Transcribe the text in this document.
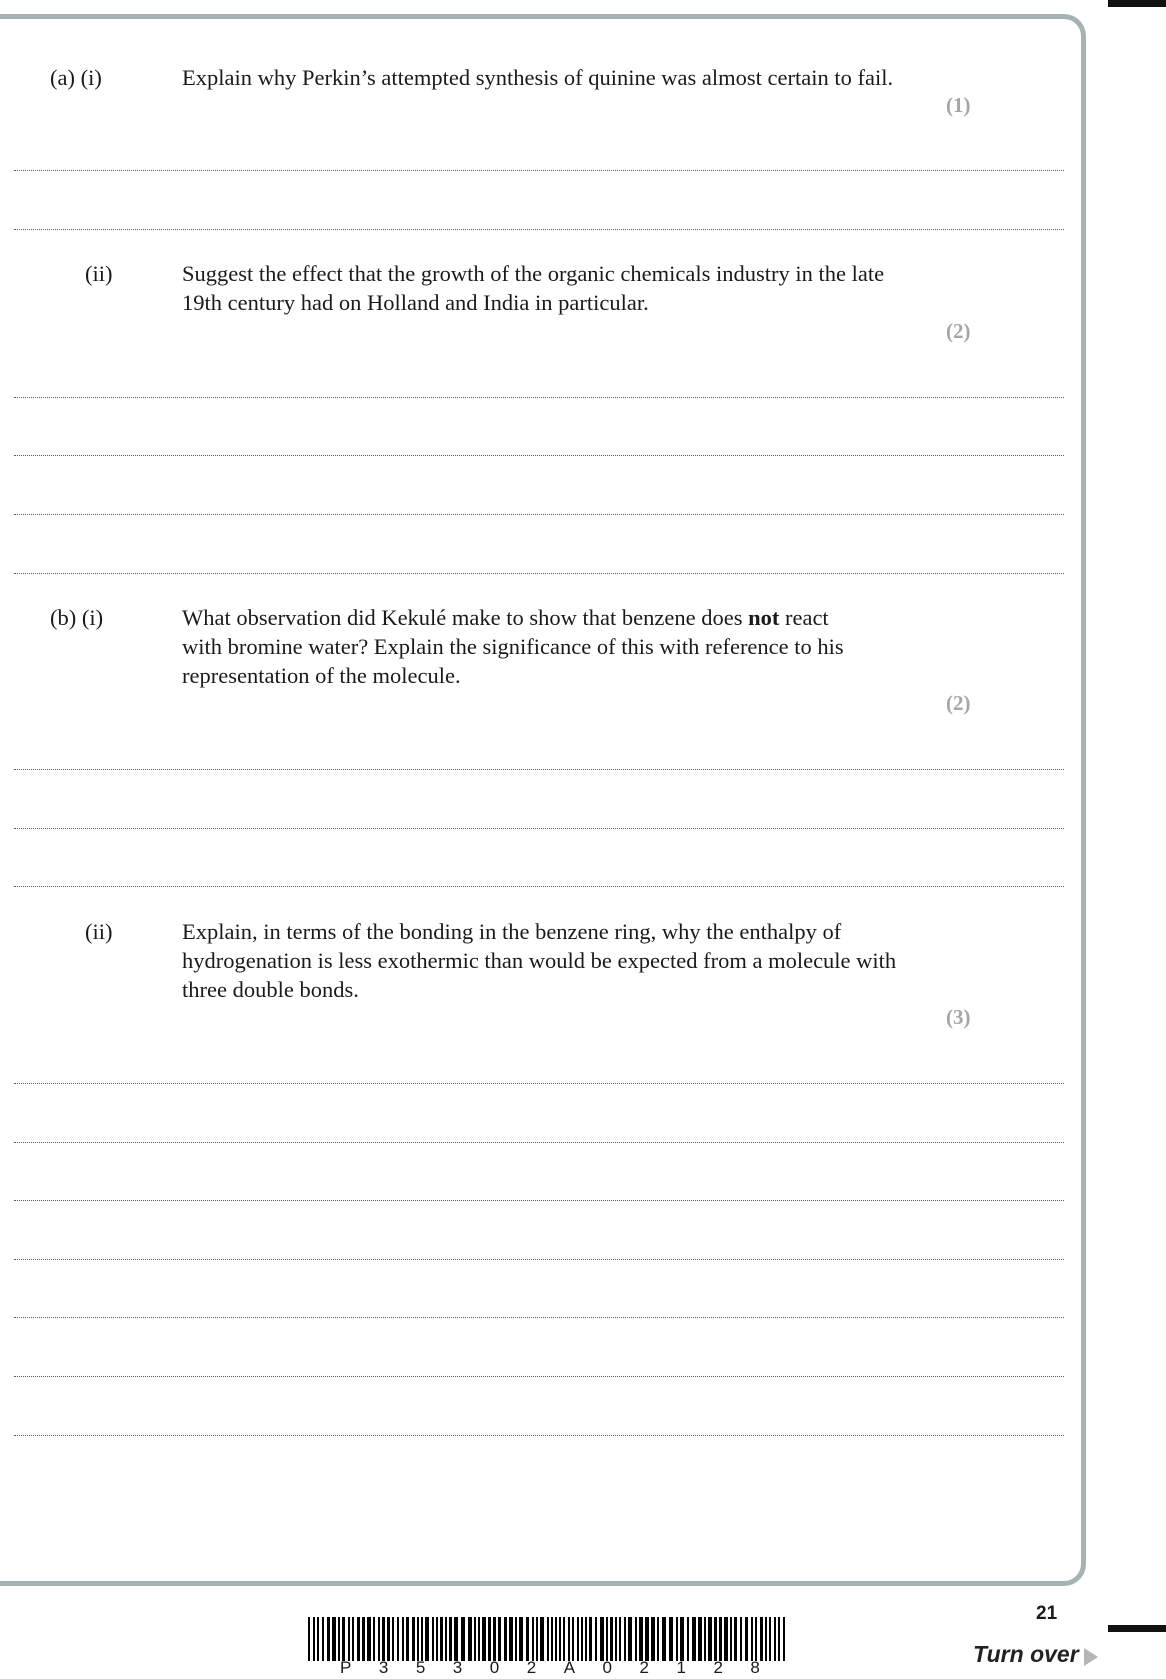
(a) (i)	Explain why Perkin’s attempted synthesis of quinine was almost certain to fail.
(1)
(ii)	Suggest the effect that the growth of the organic chemicals industry in the late
19th century had on Holland and India in particular.
(2)
(b) (i)	What observation did Kekulé make to show that benzene does not react
with bromine water? Explain the significance of this with reference to his
representation of the molecule.
(2)
(ii)	Explain, in terms of the bonding in the benzene ring, why the enthalpy of
hydrogenation is less exothermic than would be expected from a molecule with
three double bonds.
(3)
P 3 5 3 0 2 A 0 2 1 2 8
21
Turn over
